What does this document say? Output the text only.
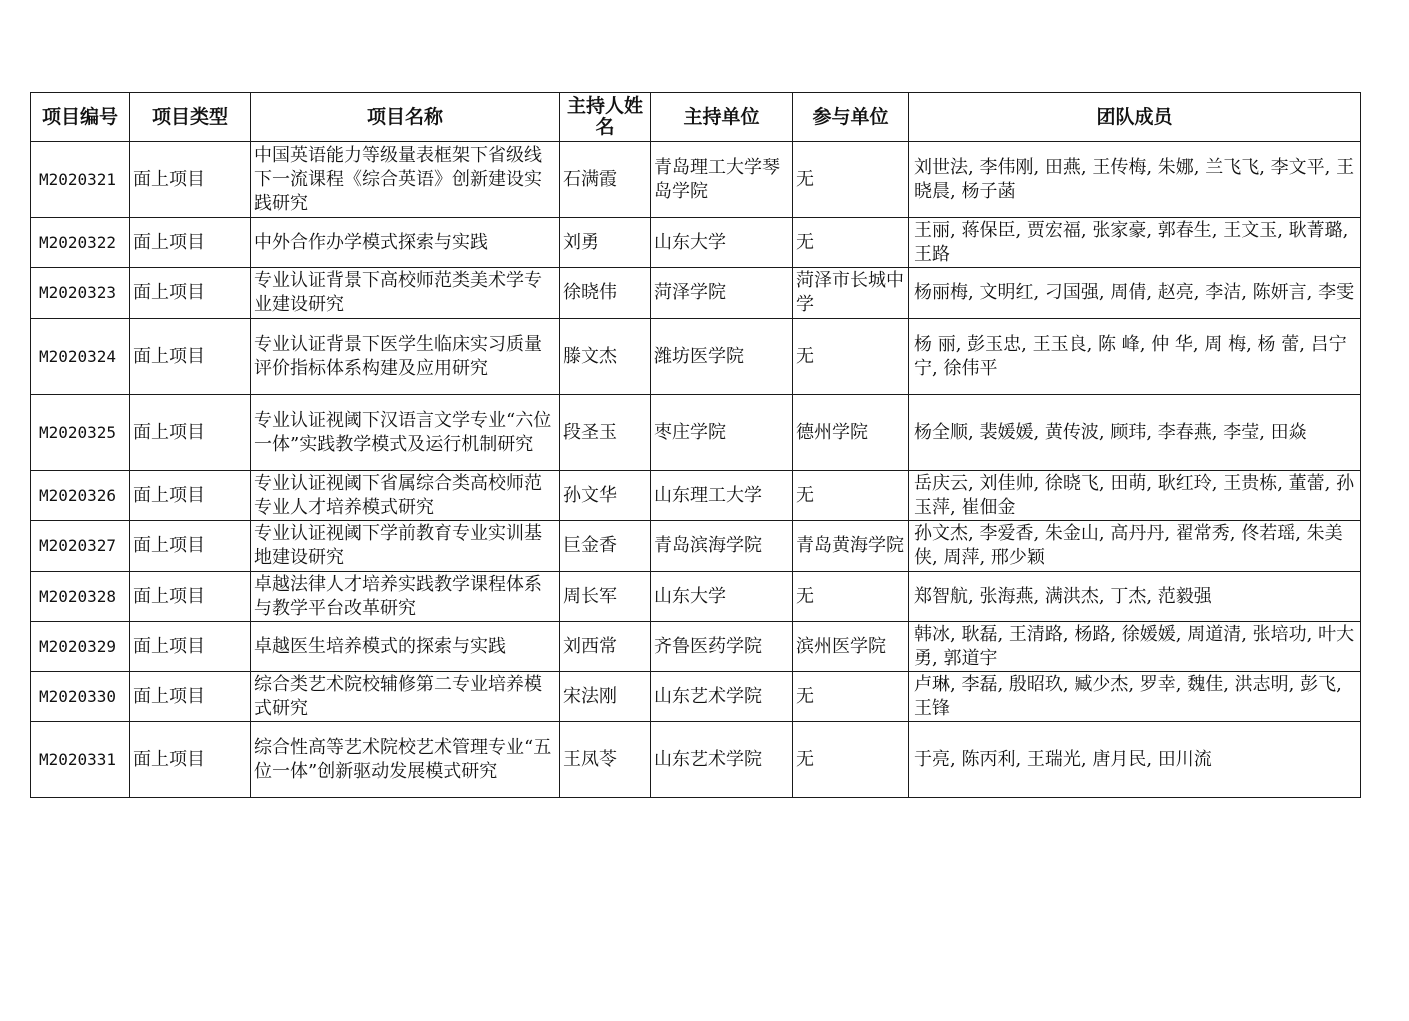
项目编号	项目类型	项目名称	主持人姓名	主持单位	参与单位	团队成员
M2020321	面上项目	中国英语能力等级量表框架下省级线下一流课程《综合英语》创新建设实践研究	石满霞	青岛理工大学琴岛学院	无	刘世法, 李伟刚, 田燕, 王传梅, 朱娜, 兰飞飞, 李文平, 王晓晨, 杨子菡
M2020322	面上项目	中外合作办学模式探索与实践	刘勇	山东大学	无	王丽, 蒋保臣, 贾宏福, 张家豪, 郭春生, 王文玉, 耿菁璐, 王路
M2020323	面上项目	专业认证背景下高校师范类美术学专业建设研究	徐晓伟	菏泽学院	菏泽市长城中学	杨丽梅, 文明红, 刁国强, 周倩, 赵亮, 李洁, 陈妍言, 李雯
M2020324	面上项目	专业认证背景下医学生临床实习质量评价指标体系构建及应用研究	滕文杰	潍坊医学院	无	杨 丽, 彭玉忠, 王玉良, 陈 峰, 仲 华, 周 梅, 杨 蕾, 吕宁宁, 徐伟平
M2020325	面上项目	专业认证视阈下汉语言文学专业“六位一体”实践教学模式及运行机制研究	段圣玉	枣庄学院	德州学院	杨全顺, 裴媛媛, 黄传波, 顾玮, 李春燕, 李莹, 田焱
M2020326	面上项目	专业认证视阈下省属综合类高校师范专业人才培养模式研究	孙文华	山东理工大学	无	岳庆云, 刘佳帅, 徐晓飞, 田萌, 耿红玲, 王贵栋, 董蕾, 孙玉萍, 崔佃金
M2020327	面上项目	专业认证视阈下学前教育专业实训基地建设研究	巨金香	青岛滨海学院	青岛黄海学院	孙文杰, 李爱香, 朱金山, 高丹丹, 翟常秀, 佟若瑶, 朱美侠, 周萍, 邢少颖
M2020328	面上项目	卓越法律人才培养实践教学课程体系与教学平台改革研究	周长军	山东大学	无	郑智航, 张海燕, 满洪杰, 丁杰, 范毅强
M2020329	面上项目	卓越医生培养模式的探索与实践	刘西常	齐鲁医药学院	滨州医学院	韩冰, 耿磊, 王清路, 杨路, 徐媛媛, 周道清, 张培功, 叶大勇, 郭道宇
M2020330	面上项目	综合类艺术院校辅修第二专业培养模式研究	宋法刚	山东艺术学院	无	卢琳, 李磊, 殷昭玖, 臧少杰, 罗幸, 魏佳, 洪志明, 彭飞, 王锋
M2020331	面上项目	综合性高等艺术院校艺术管理专业“五位一体”创新驱动发展模式研究	王凤苓	山东艺术学院	无	于亮, 陈丙利, 王瑞光, 唐月民, 田川流
